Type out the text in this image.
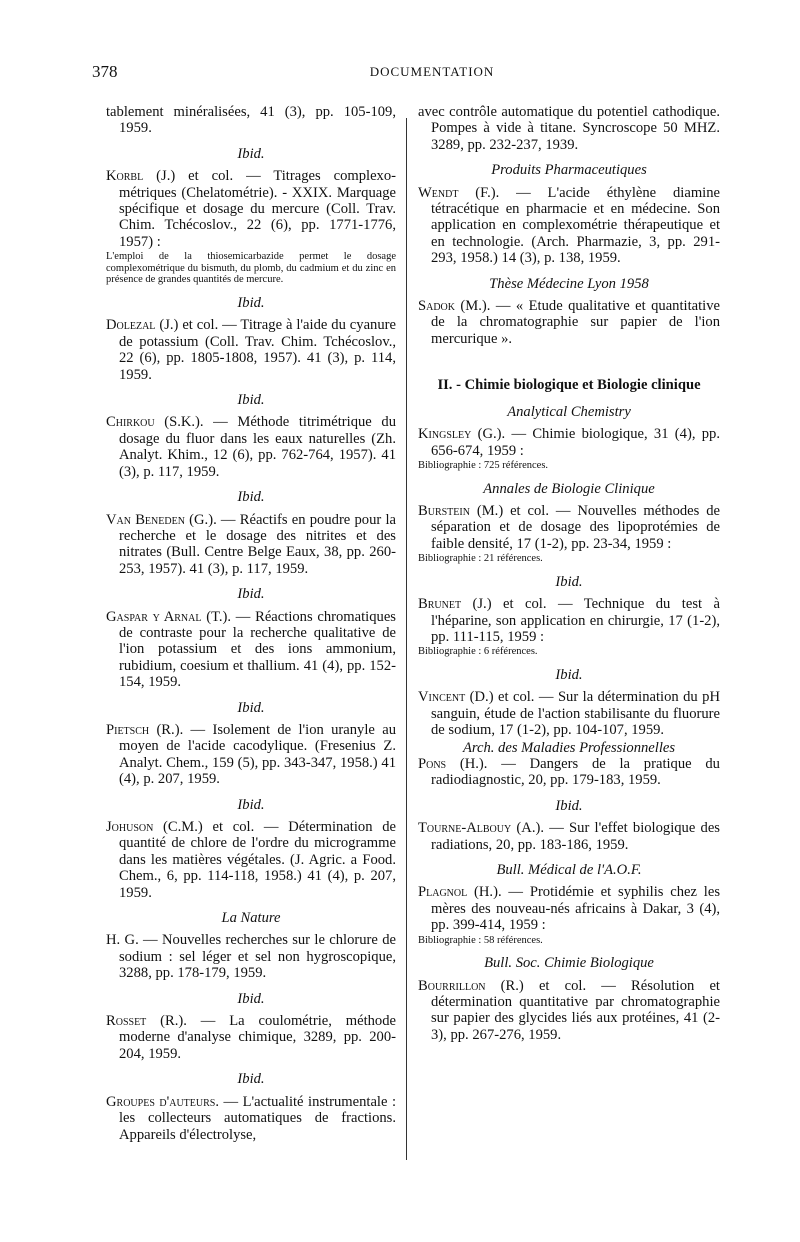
378	DOCUMENTATION

tablement minéralisées, 41 (3), pp. 105-109, 1959.

Ibid.

Korbl (J.) et col. — Titrages complexo-métriques (Chelatométrie). - XXIX. Marquage spécifique et dosage du mercure (Coll. Trav. Chim. Tchécoslov., 22 (6), pp. 1771-1776, 1957) :

L'emploi de la thiosemicarbazide permet le dosage complexométrique du bismuth, du plomb, du cadmium et du zinc en présence de grandes quantités de mercure.

Ibid.

Dolezal (J.) et col. — Titrage à l'aide du cyanure de potassium (Coll. Trav. Chim. Tchécoslov., 22 (6), pp. 1805-1808, 1957). 41 (3), p. 114, 1959.

Ibid.

Chirkou (S.K.). — Méthode titrimétrique du dosage du fluor dans les eaux naturelles (Zh. Analyt. Khim., 12 (6), pp. 762-764, 1957). 41 (3), p. 117, 1959.

Ibid.

Van Beneden (G.). — Réactifs en poudre pour la recherche et le dosage des nitrites et des nitrates (Bull. Centre Belge Eaux, 38, pp. 260-253, 1957). 41 (3), p. 117, 1959.

Ibid.

Gaspar y Arnal (T.). — Réactions chromatiques de contraste pour la recherche qualitative de l'ion potassium et des ions ammonium, rubidium, coesium et thallium. 41 (4), pp. 152-154, 1959.

Ibid.

Pietsch (R.). — Isolement de l'ion uranyle au moyen de l'acide cacodylique. (Fresenius Z. Analyt. Chem., 159 (5), pp. 343-347, 1958.) 41 (4), p. 207, 1959.

Ibid.

Johuson (C.M.) et col. — Détermination de quantité de chlore de l'ordre du microgramme dans les matières végétales. (J. Agric. a Food. Chem., 6, pp. 114-118, 1958.) 41 (4), p. 207, 1959.

La Nature

H. G. — Nouvelles recherches sur le chlorure de sodium : sel léger et sel non hygroscopique, 3288, pp. 178-179, 1959.

Ibid.

Rosset (R.). — La coulométrie, méthode moderne d'analyse chimique, 3289, pp. 200-204, 1959.

Ibid.

Groupes d'auteurs. — L'actualité instrumentale : les collecteurs automatiques de fractions. Appareils d'électrolyse,

avec contrôle automatique du potentiel cathodique. Pompes à vide à titane. Syncroscope 50 MHZ. 3289, pp. 232-237, 1939.

Produits Pharmaceutiques

Wendt (F.). — L'acide éthylène diamine tétracétique en pharmacie et en médecine. Son application en complexométrie thérapeutique et en technologie. (Arch. Pharmazie, 3, pp. 291-293, 1958.) 14 (3), p. 138, 1959.

Thèse Médecine Lyon 1958

Sadok (M.). — « Etude qualitative et quantitative de la chromatographie sur papier de l'ion mercurique ».

II. - Chimie biologique et Biologie clinique
Analytical Chemistry

Kingsley (G.). — Chimie biologique, 31 (4), pp. 656-674, 1959 :

Bibliographie : 725 références.

Annales de Biologie Clinique

Burstein (M.) et col. — Nouvelles méthodes de séparation et de dosage des lipoprotémies de faible densité, 17 (1-2), pp. 23-34, 1959 :

Bibliographie : 21 références.

Ibid.

Brunet (J.) et col. — Technique du test à l'héparine, son application en chirurgie, 17 (1-2), pp. 111-115, 1959 :

Bibliographie : 6 références.

Ibid.

Vincent (D.) et col. — Sur la détermination du pH sanguin, étude de l'action stabilisante du fluorure de sodium, 17 (1-2), pp. 104-107, 1959.

Arch. des Maladies Professionnelles

Pons (H.). — Dangers de la pratique du radiodiagnostic, 20, pp. 179-183, 1959.

Ibid.

Tourne-Albouy (A.). — Sur l'effet biologique des radiations, 20, pp. 183-186, 1959.

Bull. Médical de l'A.O.F.

Plagnol (H.). — Protidémie et syphilis chez les mères des nouveau-nés africains à Dakar, 3 (4), pp. 399-414, 1959 :

Bibliographie : 58 références.

Bull. Soc. Chimie Biologique

Bourrillon (R.) et col. — Résolution et détermination quantitative par chromatographie sur papier des glycides liés aux protéines, 41 (2-3), pp. 267-276, 1959.
